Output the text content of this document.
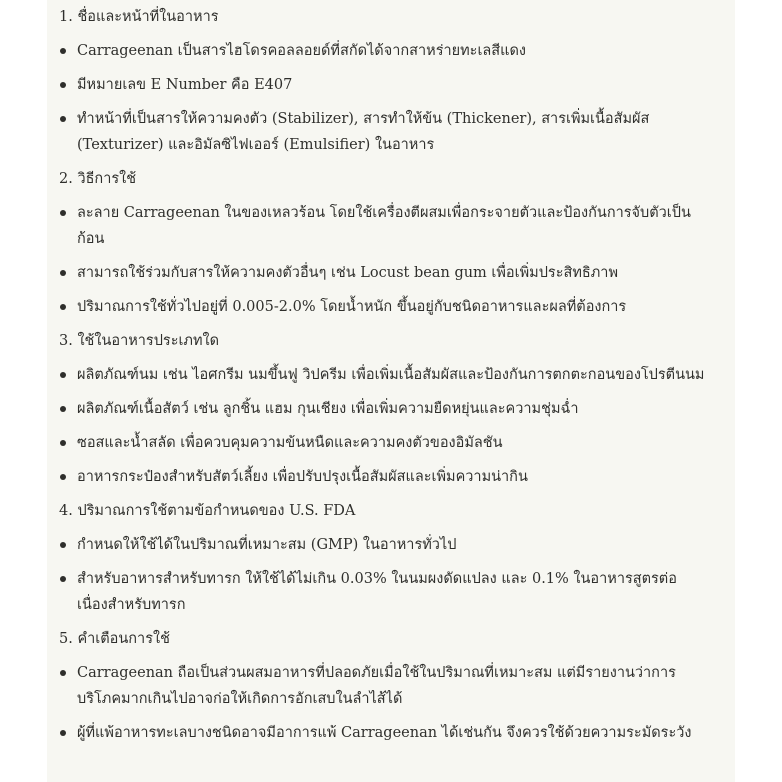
1. ชื่อและหน้าที่ในอาหาร
Carrageenan เป็นสารไฮโดรคอลลอยด์ที่สกัดได้จากสาหร่ายทะเลสีแดง
มีหมายเลข E Number คือ E407
ทำหน้าที่เป็นสารให้ความคงตัว (Stabilizer), สารทำให้ข้น (Thickener), สารเพิ่มเนื้อสัมผัส (Texturizer) และอิมัลซิไฟเออร์ (Emulsifier) ในอาหาร
2. วิธีการใช้
ละลาย Carrageenan ในของเหลวร้อน โดยใช้เครื่องตีผสมเพื่อกระจายตัวและป้องกันการจับตัวเป็นก้อน
สามารถใช้ร่วมกับสารให้ความคงตัวอื่นๆ เช่น Locust bean gum เพื่อเพิ่มประสิทธิภาพ
ปริมาณการใช้ทั่วไปอยู่ที่ 0.005-2.0% โดยน้ำหนัก ขึ้นอยู่กับชนิดอาหารและผลที่ต้องการ
3. ใช้ในอาหารประเภทใด
ผลิตภัณฑ์นม เช่น ไอศกรีม นมขึ้นฟู วิปครีม เพื่อเพิ่มเนื้อสัมผัสและป้องกันการตกตะกอนของโปรตีนนม
ผลิตภัณฑ์เนื้อสัตว์ เช่น ลูกชิ้น แฮม กุนเชียง เพื่อเพิ่มความยืดหยุ่นและความชุ่มฉ่ำ
ซอสและน้ำสลัด เพื่อควบคุมความข้นหนืดและความคงตัวของอิมัลชัน
อาหารกระป๋องสำหรับสัตว์เลี้ยง เพื่อปรับปรุงเนื้อสัมผัสและเพิ่มความน่ากิน
4. ปริมาณการใช้ตามข้อกำหนดของ U.S. FDA
กำหนดให้ใช้ได้ในปริมาณที่เหมาะสม (GMP) ในอาหารทั่วไป
สำหรับอาหารสำหรับทารก ให้ใช้ได้ไม่เกิน 0.03% ในนมผงดัดแปลง และ 0.1% ในอาหารสูตรต่อเนื่องสำหรับทารก
5. คำเตือนการใช้
Carrageenan ถือเป็นส่วนผสมอาหารที่ปลอดภัยเมื่อใช้ในปริมาณที่เหมาะสม แต่มีรายงานว่าการบริโภคมากเกินไปอาจก่อให้เกิดการอักเสบในลำไส้ได้
ผู้ที่แพ้อาหารทะเลบางชนิดอาจมีอาการแพ้ Carrageenan ได้เช่นกัน จึงควรใช้ด้วยความระมัดระวัง
